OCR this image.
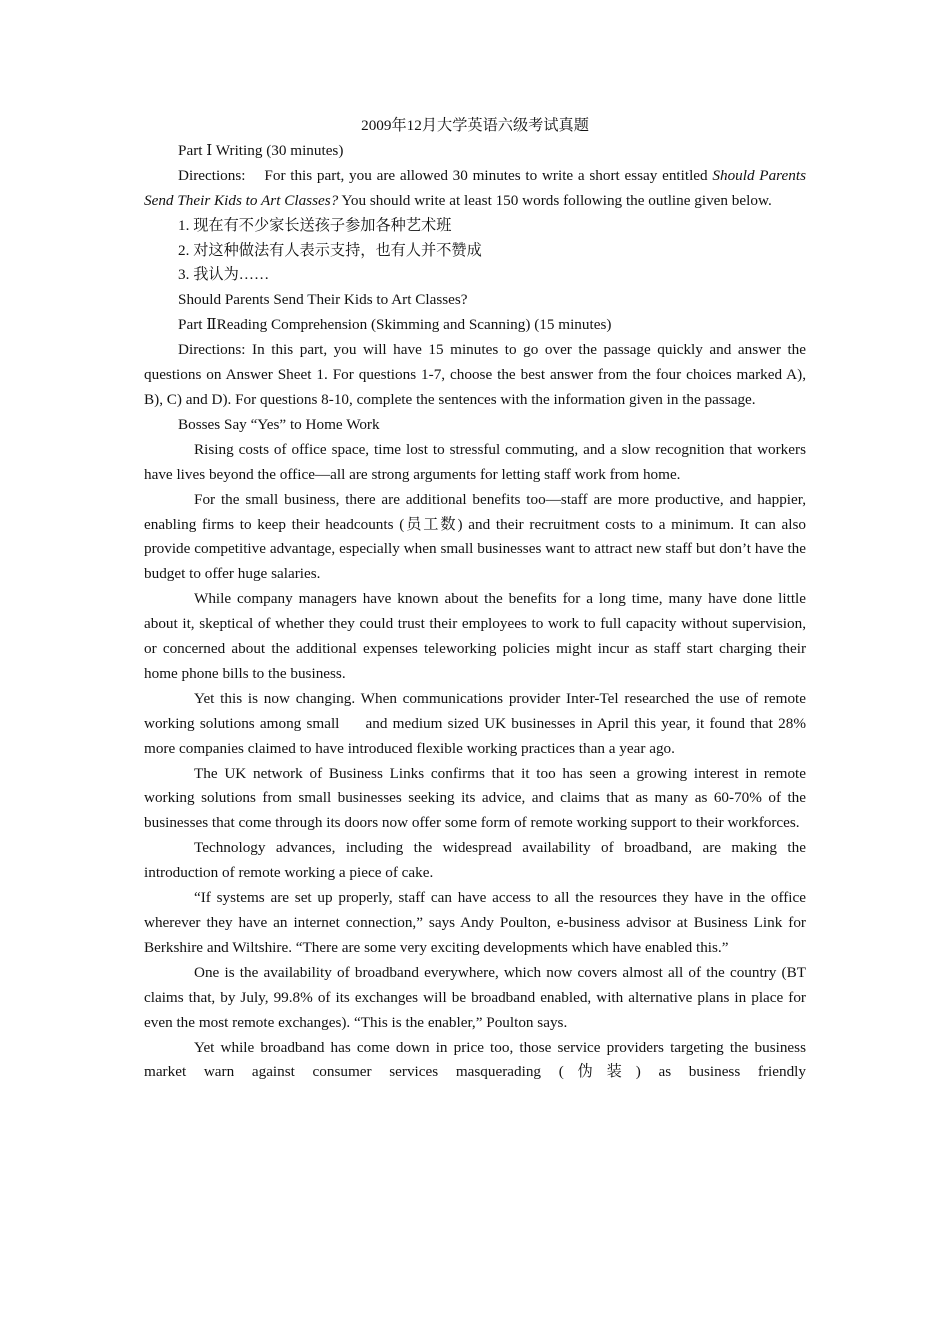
2009年12月大学英语六级考试真题
Part Ⅰ Writing (30 minutes)

Directions:    For this part, you are allowed 30 minutes to write a short essay entitled Should Parents Send Their Kids to Art Classes? You should write at least 150 words following the outline given below.

1. 现在有不少家长送孩子参加各种艺术班
2. 对这种做法有人表示支持，也有人并不赞成
3. 我认为……
Should Parents Send Their Kids to Art Classes?
Part ⅡReading Comprehension (Skimming and Scanning) (15 minutes)

Directions: In this part, you will have 15 minutes to go over the passage quickly and answer the questions on Answer Sheet 1. For questions 1-7, choose the best answer from the four choices marked A), B), C) and D). For questions 8-10, complete the sentences with the information given in the passage.

Bosses Say “Yes” to Home Work

Rising costs of office space, time lost to stressful commuting, and a slow recognition that workers have lives beyond the office—all are strong arguments for letting staff work from home.

For the small business, there are additional benefits too—staff are more productive, and happier, enabling firms to keep their headcounts (员工数) and their recruitment costs to a minimum. It can also provide competitive advantage, especially when small businesses want to attract new staff but don’t have the budget to offer huge salaries.

While company managers have known about the benefits for a long time, many have done little about it, skeptical of whether they could trust their employees to work to full capacity without supervision, or concerned about the additional expenses teleworking policies might incur as staff start charging their home phone bills to the business.

Yet this is now changing. When communications provider Inter-Tel researched the use of remote working solutions among small     and medium sized UK businesses in April this year, it found that 28% more companies claimed to have introduced flexible working practices than a year ago.

The UK network of Business Links confirms that it too has seen a growing interest in remote working solutions from small businesses seeking its advice, and claims that as many as 60-70% of the businesses that come through its doors now offer some form of remote working support to their workforces.

Technology advances, including the widespread availability of broadband, are making the introduction of remote working a piece of cake.

“If systems are set up properly, staff can have access to all the resources they have in the office wherever they have an internet connection,” says Andy Poulton, e-business advisor at Business Link for Berkshire and Wiltshire. “There are some very exciting developments which have enabled this.”

One is the availability of broadband everywhere, which now covers almost all of the country (BT claims that, by July, 99.8% of its exchanges will be broadband enabled, with alternative plans in place for even the most remote exchanges). “This is the enabler,” Poulton says.

Yet while broadband has come down in price too, those service providers targeting the business market warn against consumer services masquerading (伪装) as business friendly
